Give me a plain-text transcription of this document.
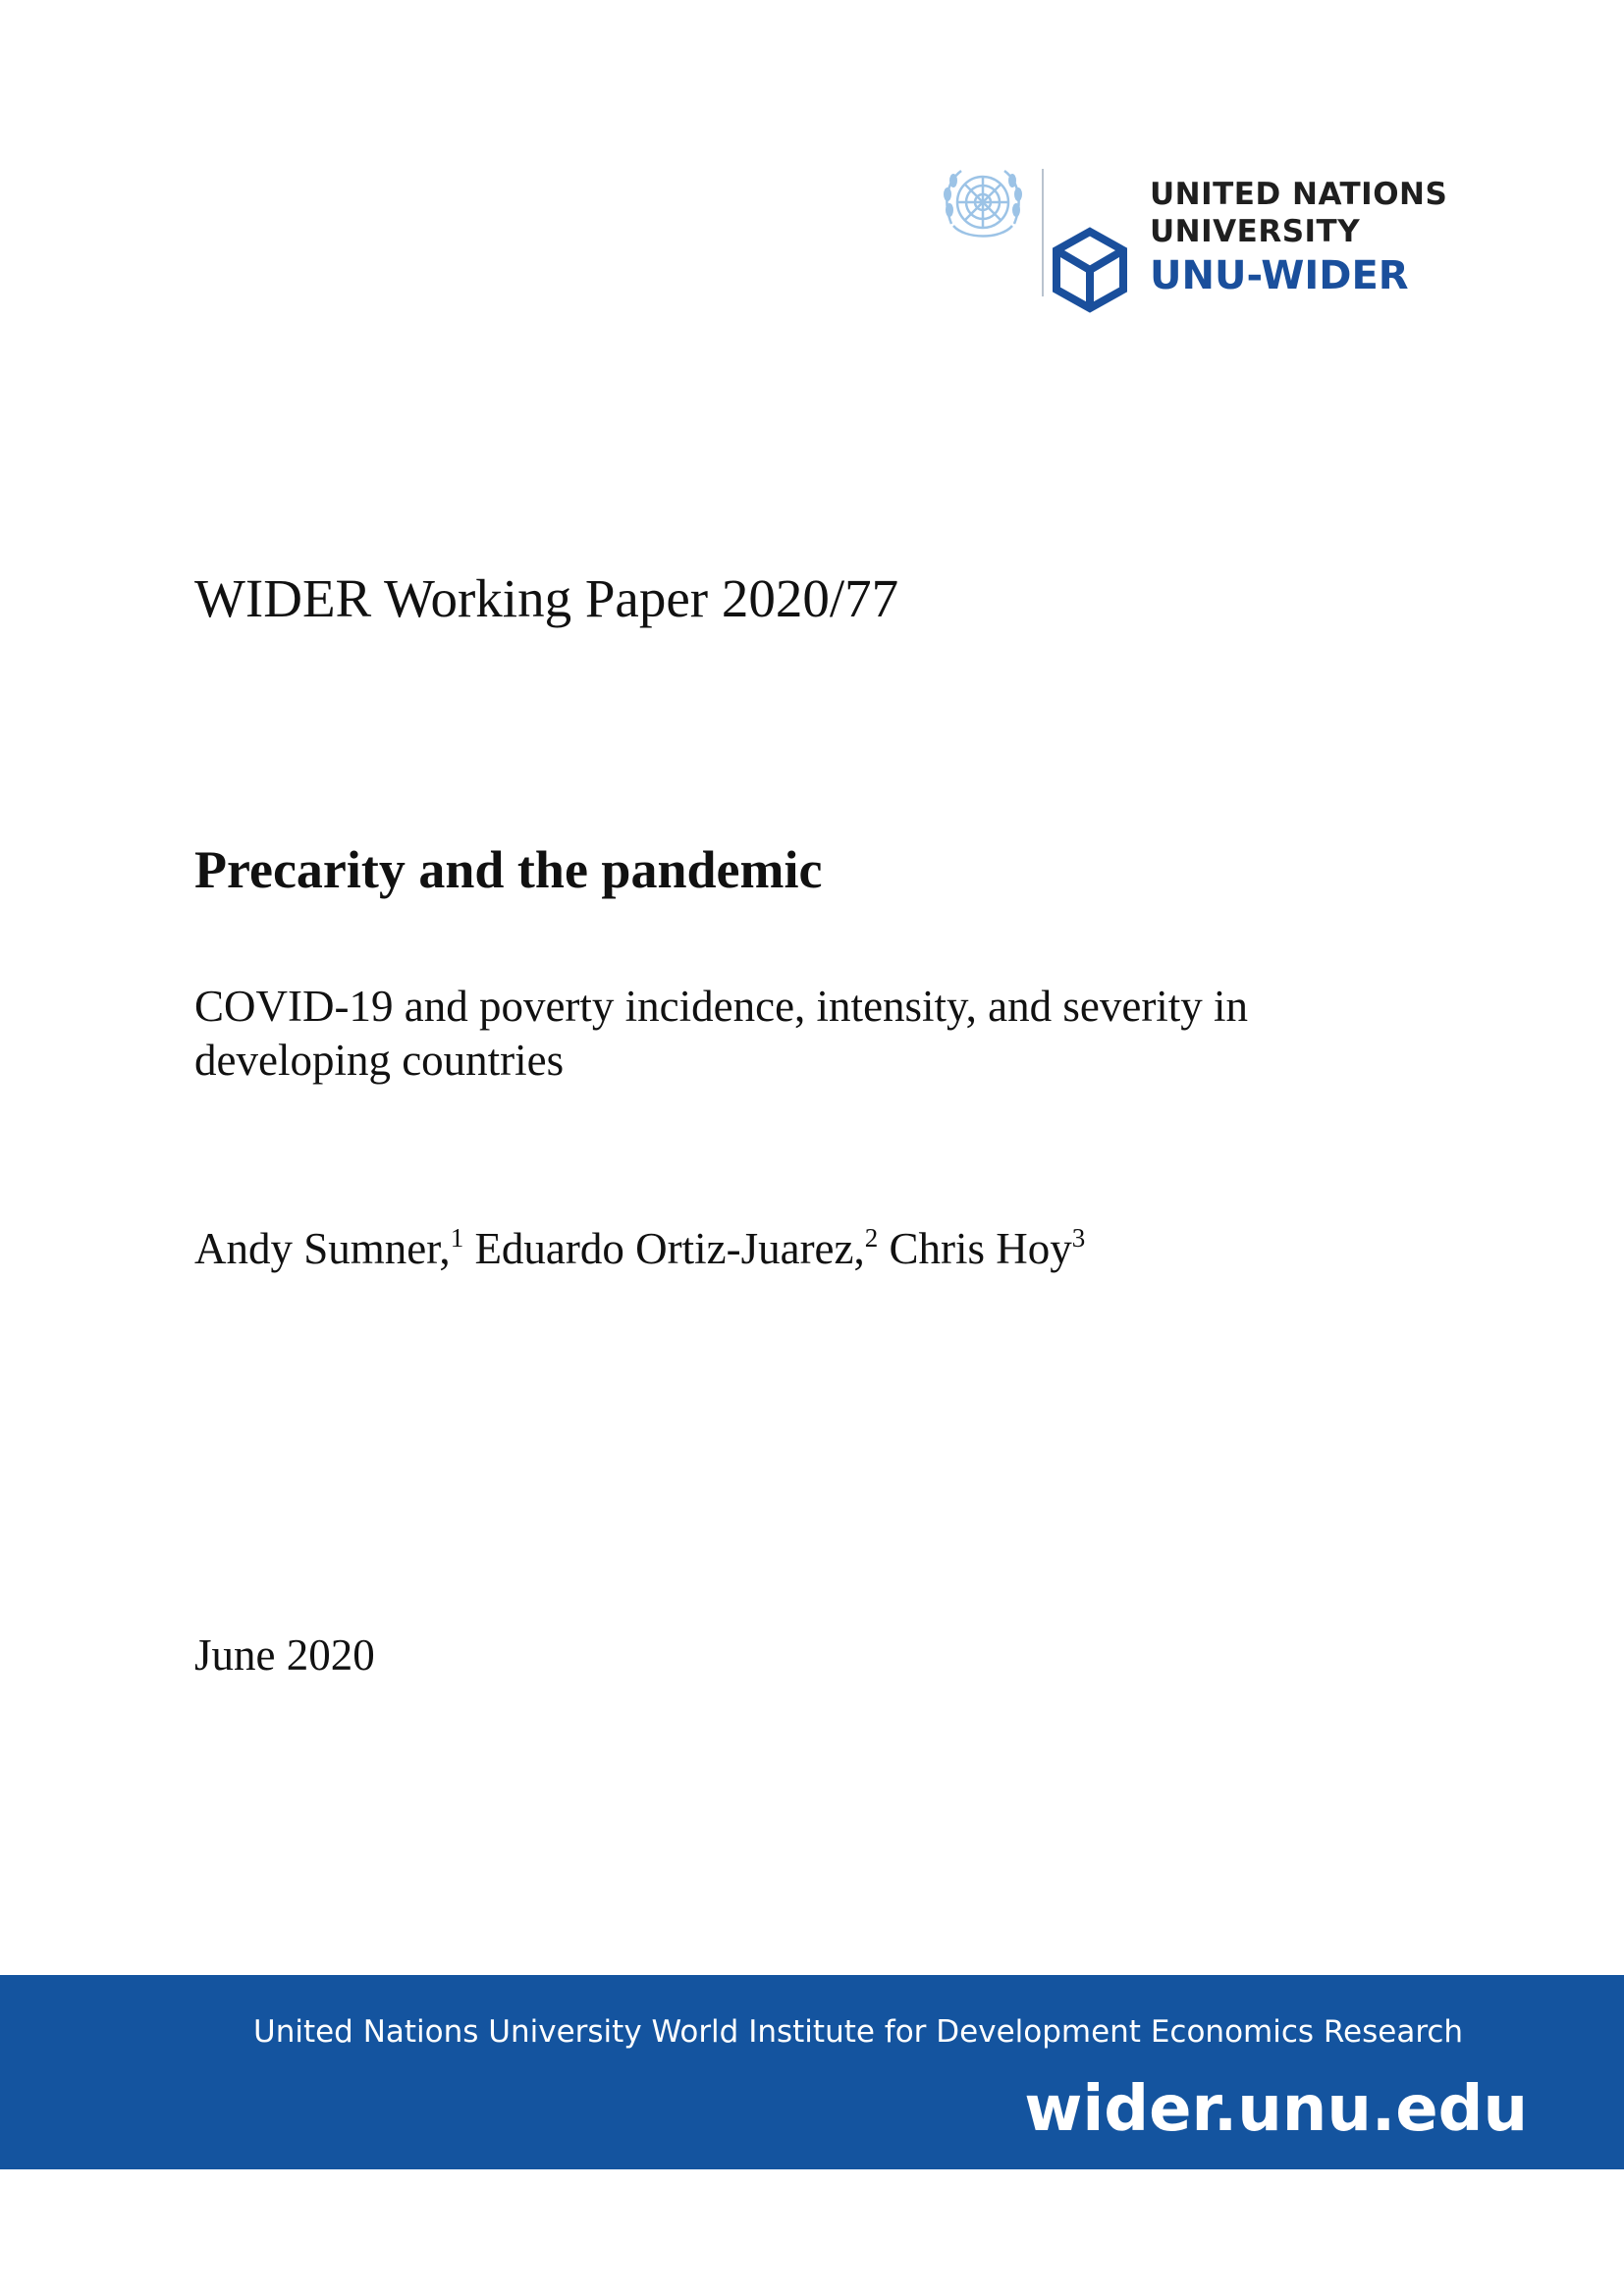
UNITED NATIONS
UNIVERSITY
UNU-WIDER
WIDER Working Paper 2020/77
Precarity and the pandemic
COVID-19 and poverty incidence, intensity, and severity in developing countries
Andy Sumner,$^1$ Eduardo Ortiz-Juarez,$^2$ Chris Hoy$^3$
June 2020
United Nations University World Institute for Development Economics Research
wider.unu.edu
